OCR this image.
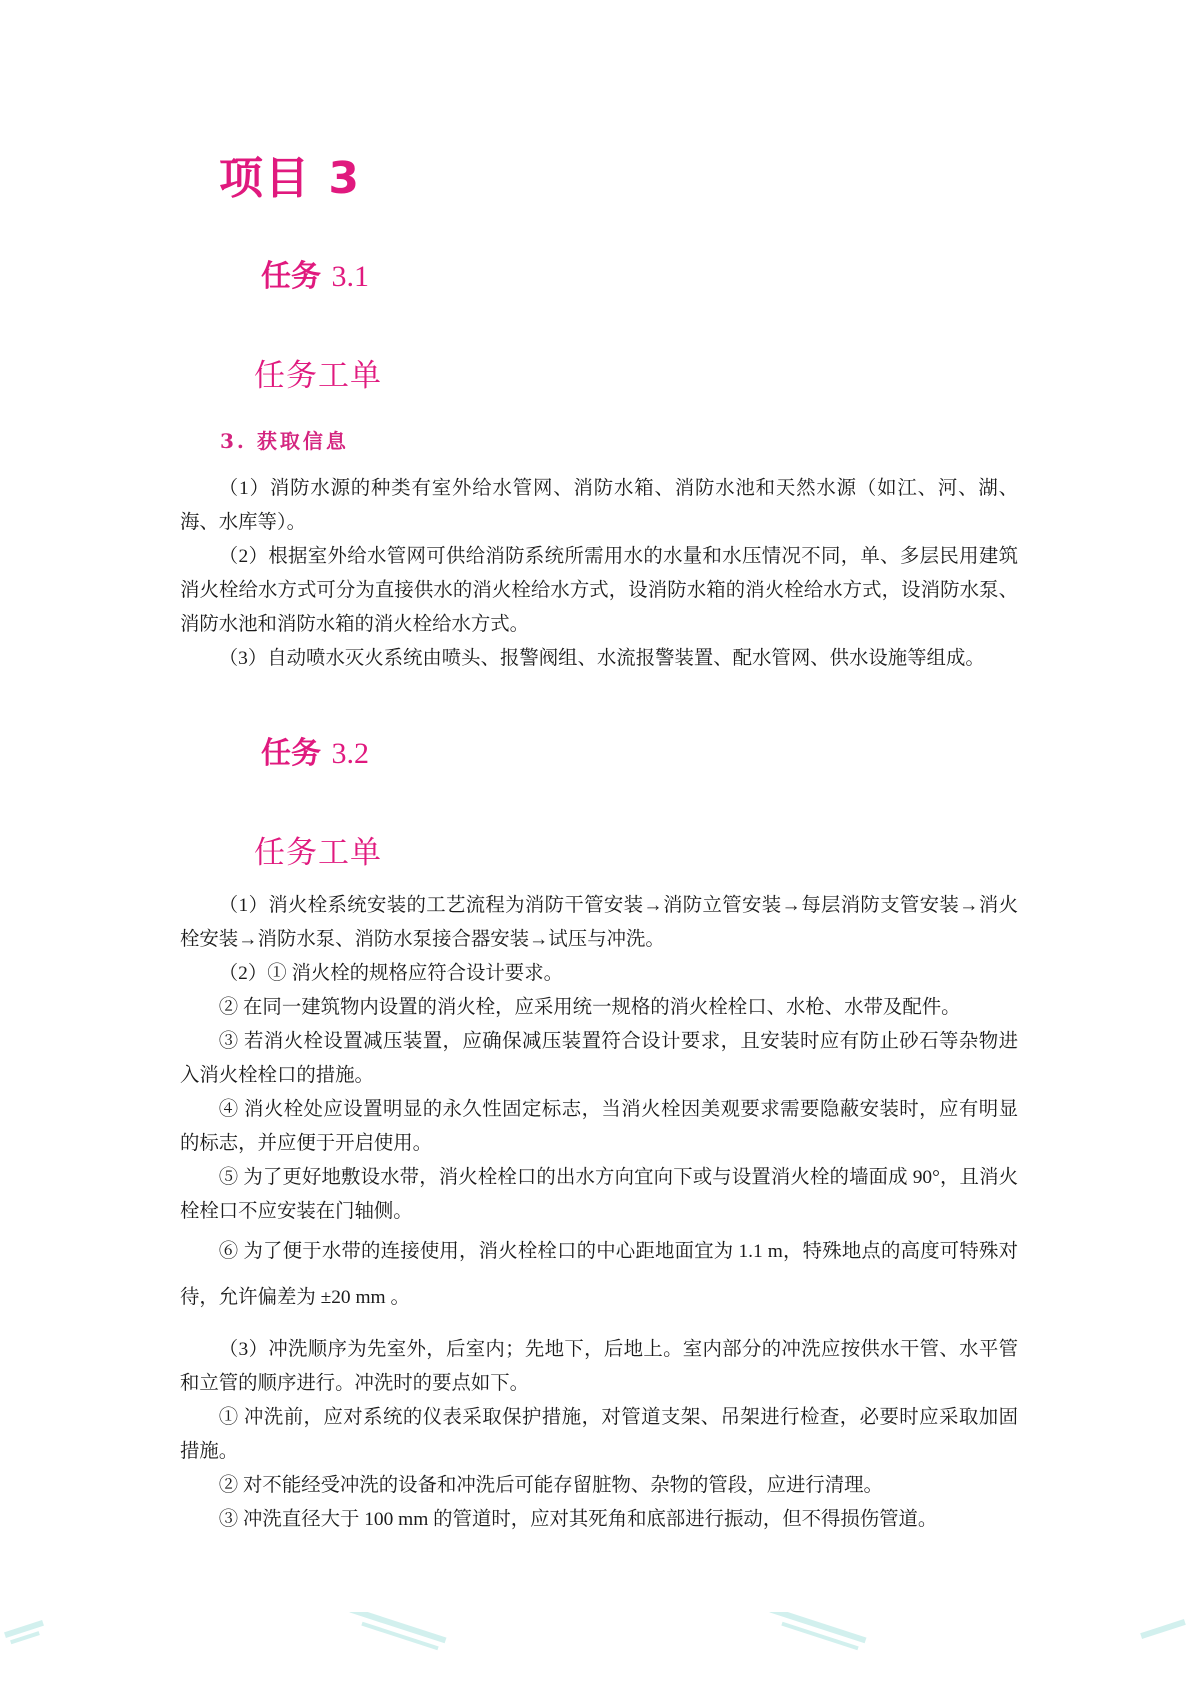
项目 3
任务 3.1
任务工单
3. 获取信息

（1）消防水源的种类有室外给水管网、消防水箱、消防水池和天然水源（如江、河、湖、海、水库等）。

（2）根据室外给水管网可供给消防系统所需用水的水量和水压情况不同，单、多层民用建筑消火栓给水方式可分为直接供水的消火栓给水方式，设消防水箱的消火栓给水方式，设消防水泵、消防水池和消防水箱的消火栓给水方式。

（3）自动喷水灭火系统由喷头、报警阀组、水流报警装置、配水管网、供水设施等组成。

任务 3.2
任务工单

（1）消火栓系统安装的工艺流程为消防干管安装→消防立管安装→每层消防支管安装→消火栓安装→消防水泵、消防水泵接合器安装→试压与冲洗。

（2）① 消火栓的规格应符合设计要求。

② 在同一建筑物内设置的消火栓，应采用统一规格的消火栓栓口、水枪、水带及配件。

③ 若消火栓设置减压装置，应确保减压装置符合设计要求，且安装时应有防止砂石等杂物进入消火栓栓口的措施。

④ 消火栓处应设置明显的永久性固定标志，当消火栓因美观要求需要隐蔽安装时，应有明显的标志，并应便于开启使用。

⑤ 为了更好地敷设水带，消火栓栓口的出水方向宜向下或与设置消火栓的墙面成 90°，且消火栓栓口不应安装在门轴侧。

⑥ 为了便于水带的连接使用，消火栓栓口的中心距地面宜为 1.1 m，特殊地点的高度可特殊对待，允许偏差为 ±20 mm 。

（3）冲洗顺序为先室外，后室内；先地下，后地上。室内部分的冲洗应按供水干管、水平管和立管的顺序进行。冲洗时的要点如下。

① 冲洗前，应对系统的仪表采取保护措施，对管道支架、吊架进行检查，必要时应采取加固措施。

② 对不能经受冲洗的设备和冲洗后可能存留脏物、杂物的管段，应进行清理。

③ 冲洗直径大于 100 mm 的管道时，应对其死角和底部进行振动，但不得损伤管道。
